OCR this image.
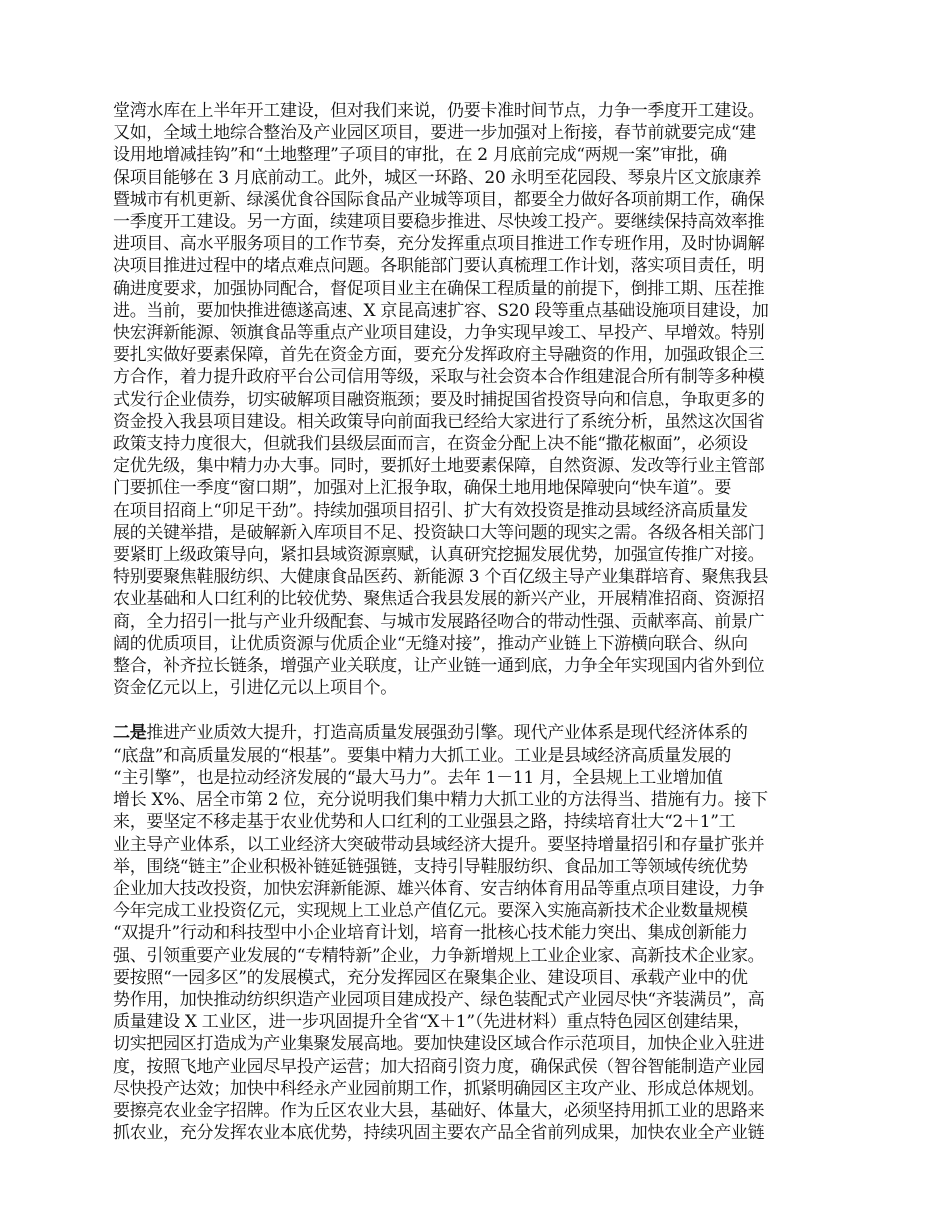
堂湾水库在上半年开工建设，但对我们来说，仍要卡准时间节点，力争一季度开工建设。
又如，全域土地综合整治及产业园区项目，要进一步加强对上衔接，春节前就要完成“建
设用地增减挂钩”和“土地整理”子项目的审批，在 2 月底前完成“两规一案”审批，确
保项目能够在 3 月底前动工。此外，城区一环路、20 永明至花园段、琴泉片区文旅康养
暨城市有机更新、绿溪优食谷国际食品产业城等项目，都要全力做好各项前期工作，确保
一季度开工建设。另一方面，续建项目要稳步推进、尽快竣工投产。要继续保持高效率推
进项目、高水平服务项目的工作节奏，充分发挥重点项目推进工作专班作用，及时协调解
决项目推进过程中的堵点难点问题。各职能部门要认真梳理工作计划，落实项目责任，明
确进度要求，加强协同配合，督促项目业主在确保工程质量的前提下，倒排工期、压茬推
进。当前，要加快推进德遂高速、X 京昆高速扩容、S20 段等重点基础设施项目建设，加
快宏湃新能源、领旗食品等重点产业项目建设，力争实现早竣工、早投产、早增效。特别
要扎实做好要素保障，首先在资金方面，要充分发挥政府主导融资的作用，加强政银企三
方合作，着力提升政府平台公司信用等级，采取与社会资本合作组建混合所有制等多种模
式发行企业债券，切实破解项目融资瓶颈；要及时捕捉国省投资导向和信息，争取更多的
资金投入我县项目建设。相关政策导向前面我已经给大家进行了系统分析，虽然这次国省
政策支持力度很大，但就我们县级层面而言，在资金分配上决不能“撒花椒面”，必须设
定优先级，集中精力办大事。同时，要抓好土地要素保障，自然资源、发改等行业主管部
门要抓住一季度“窗口期”，加强对上汇报争取，确保土地用地保障驶向“快车道”。要
在项目招商上“卯足干劲”。持续加强项目招引、扩大有效投资是推动县域经济高质量发
展的关键举措，是破解新入库项目不足、投资缺口大等问题的现实之需。各级各相关部门
要紧盯上级政策导向，紧扣县域资源禀赋，认真研究挖掘发展优势，加强宣传推广对接。
特别要聚焦鞋服纺织、大健康食品医药、新能源 3 个百亿级主导产业集群培育、聚焦我县
农业基础和人口红利的比较优势、聚焦适合我县发展的新兴产业，开展精准招商、资源招
商，全力招引一批与产业升级配套、与城市发展路径吻合的带动性强、贡献率高、前景广
阔的优质项目，让优质资源与优质企业“无缝对接”，推动产业链上下游横向联合、纵向
整合，补齐拉长链条，增强产业关联度，让产业链一通到底，力争全年实现国内省外到位
资金亿元以上，引进亿元以上项目个。
二是推进产业质效大提升，打造高质量发展强劲引擎。现代产业体系是现代经济体系的
“底盘”和高质量发展的“根基”。要集中精力大抓工业。工业是县域经济高质量发展的
“主引擎”，也是拉动经济发展的“最大马力”。去年 1－11 月，全县规上工业增加值
增长 X%、居全市第 2 位，充分说明我们集中精力大抓工业的方法得当、措施有力。接下
来，要坚定不移走基于农业优势和人口红利的工业强县之路，持续培育壮大“2＋1”工
业主导产业体系，以工业经济大突破带动县域经济大提升。要坚持增量招引和存量扩张并
举，围绕“链主”企业积极补链延链强链，支持引导鞋服纺织、食品加工等领域传统优势
企业加大技改投资，加快宏湃新能源、雄兴体育、安吉纳体育用品等重点项目建设，力争
今年完成工业投资亿元，实现规上工业总产值亿元。要深入实施高新技术企业数量规模
“双提升”行动和科技型中小企业培育计划，培育一批核心技术能力突出、集成创新能力
强、引领重要产业发展的“专精特新”企业，力争新增规上工业企业家、高新技术企业家。
要按照“一园多区”的发展模式，充分发挥园区在聚集企业、建设项目、承载产业中的优
势作用，加快推动纺织织造产业园项目建成投产、绿色装配式产业园尽快“齐装满员”，高
质量建设 X 工业区，进一步巩固提升全省“X＋1”（先进材料）重点特色园区创建结果，
切实把园区打造成为产业集聚发展高地。要加快建设区域合作示范项目，加快企业入驻进
度，按照飞地产业园尽早投产运营；加大招商引资力度，确保武侯（智谷智能制造产业园
尽快投产达效；加快中科经永产业园前期工作，抓紧明确园区主攻产业、形成总体规划。
要擦亮农业金字招牌。作为丘区农业大县，基础好、体量大，必须坚持用抓工业的思路来
抓农业，充分发挥农业本底优势，持续巩固主要农产品全省前列成果，加快农业全产业链
